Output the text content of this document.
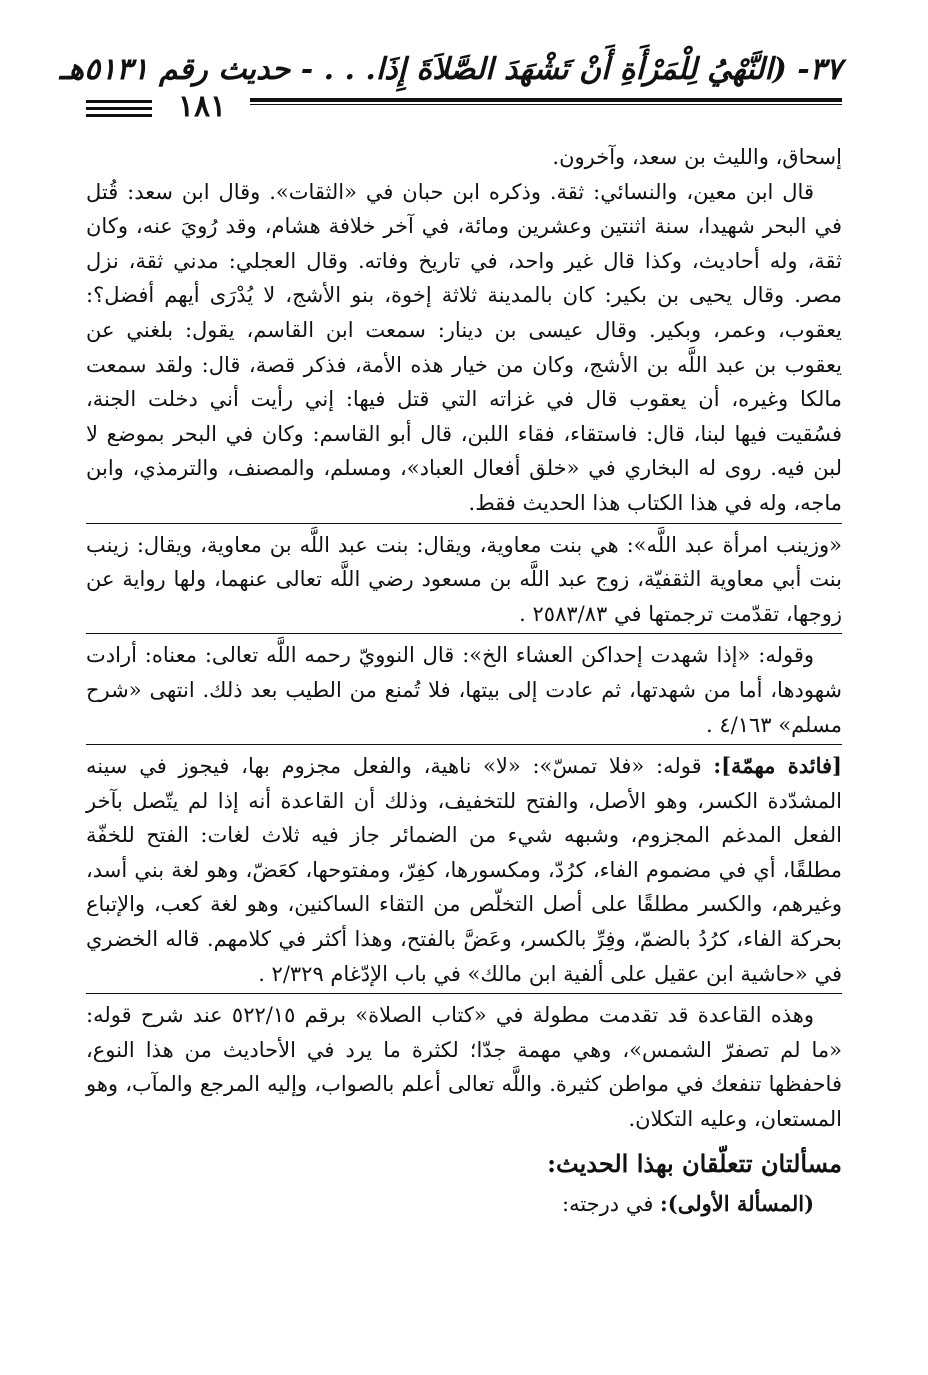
٣٧- (النَّهْيُ لِلْمَرْأَةِ أَنْ تَشْهَدَ الصَّلاَةَ إِذَا. . . - حديث رقم ٥١٣١هـ
١٨١

إسحاق، والليث بن سعد، وآخرون.

قال ابن معين، والنسائي: ثقة. وذكره ابن حبان في «الثقات». وقال ابن سعد: قُتل في البحر شهيدا، سنة اثنتين وعشرين ومائة، في آخر خلافة هشام، وقد رُويَ عنه، وكان ثقة، وله أحاديث، وكذا قال غير واحد، في تاريخ وفاته. وقال العجلي: مدني ثقة، نزل مصر. وقال يحيى بن بكير: كان بالمدينة ثلاثة إخوة، بنو الأشج، لا يُدْرَى أيهم أفضل؟: يعقوب، وعمر، وبكير. وقال عيسى بن دينار: سمعت ابن القاسم، يقول: بلغني عن يعقوب بن عبد اللَّه بن الأشج، وكان من خيار هذه الأمة، فذكر قصة، قال: ولقد سمعت مالكا وغيره، أن يعقوب قال في غزاته التي قتل فيها: إني رأيت أني دخلت الجنة، فسُقيت فيها لبنا، قال: فاستقاء، فقاء اللبن، قال أبو القاسم: وكان في البحر بموضع لا لبن فيه. روى له البخاري في «خلق أفعال العباد»، ومسلم، والمصنف، والترمذي، وابن ماجه، وله في هذا الكتاب هذا الحديث فقط.

«وزينب امرأة عبد اللَّه»: هي بنت معاوية، ويقال: بنت عبد اللَّه بن معاوية، ويقال: زينب بنت أبي معاوية الثقفيّة، زوج عبد اللَّه بن مسعود رضي اللَّه تعالى عنهما، ولها رواية عن زوجها، تقدّمت ترجمتها في ٢٥٨٣/٨٣ .

وقوله: «إذا شهدت إحداكن العشاء الخ»: قال النوويّ رحمه اللَّه تعالى: معناه: أرادت شهودها، أما من شهدتها، ثم عادت إلى بيتها، فلا تُمنع من الطيب بعد ذلك. انتهى «شرح مسلم» ٤/١٦٣ .

[فائدة مهمّة]: قوله: «فلا تمسّ»: «لا» ناهية، والفعل مجزوم بها، فيجوز في سينه المشدّدة الكسر، وهو الأصل، والفتح للتخفيف، وذلك أن القاعدة أنه إذا لم يتّصل بآخر الفعل المدغم المجزوم، وشبهه شيء من الضمائر جاز فيه ثلاث لغات: الفتح للخفّة مطلقًا، أي في مضموم الفاء، كرُدّ، ومكسورها، كفِرّ، ومفتوحها، كعَضّ، وهو لغة بني أسد، وغيرهم، والكسر مطلقًا على أصل التخلّص من التقاء الساكنين، وهو لغة كعب، والإتباع بحركة الفاء، كرُدُ بالضمّ، وفِرِّ بالكسر، وعَضَّ بالفتح، وهذا أكثر في كلامهم. قاله الخضري في «حاشية ابن عقيل على ألفية ابن مالك» في باب الإدّغام ٢/٣٢٩ .

وهذه القاعدة قد تقدمت مطولة في «كتاب الصلاة» برقم ٥٢٢/١٥ عند شرح قوله: «ما لم تصفرّ الشمس»، وهي مهمة جدّا؛ لكثرة ما يرد في الأحاديث من هذا النوع، فاحفظها تنفعك في مواطن كثيرة. واللَّه تعالى أعلم بالصواب، وإليه المرجع والمآب، وهو المستعان، وعليه التكلان.

مسألتان تتعلّقان بهذا الحديث:

(المسألة الأولى): في درجته:
